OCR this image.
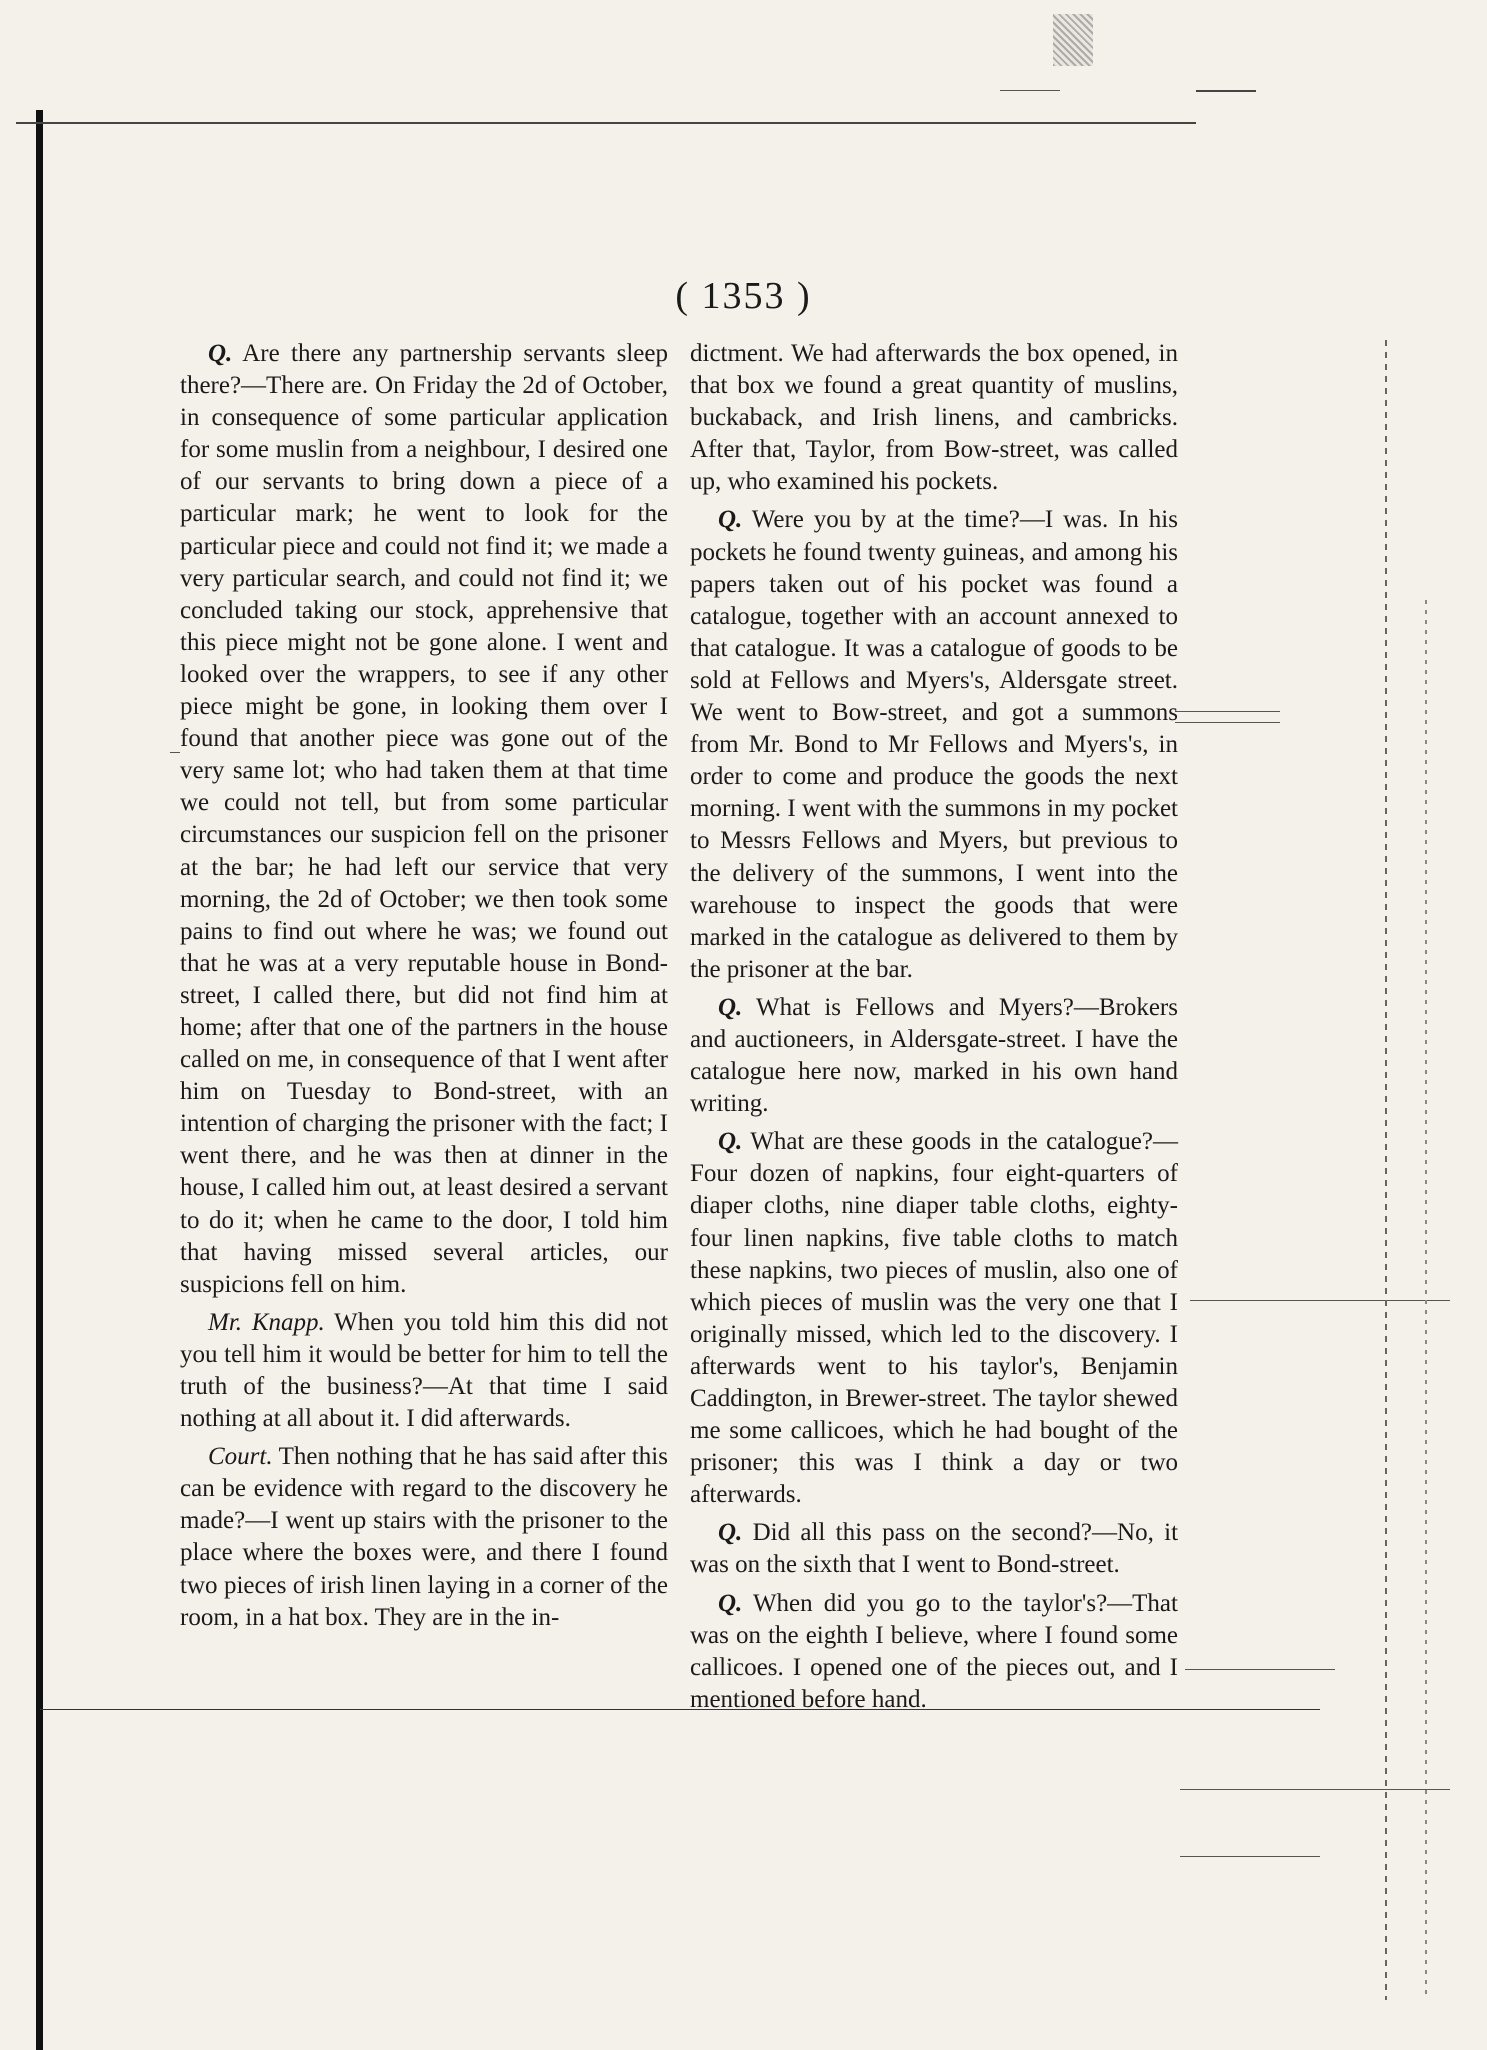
( 1353 )

Q. Are there any partnership servants sleep there?—There are. On Friday the 2d of October, in consequence of some particular application for some muslin from a neighbour, I desired one of our servants to bring down a piece of a particular mark; he went to look for the particular piece and could not find it; we made a very particular search, and could not find it; we concluded taking our stock, apprehensive that this piece might not be gone alone. I went and looked over the wrappers, to see if any other piece might be gone, in looking them over I found that another piece was gone out of the very same lot; who had taken them at that time we could not tell, but from some particular circumstances our suspicion fell on the prisoner at the bar; he had left our service that very morning, the 2d of October; we then took some pains to find out where he was; we found out that he was at a very reputable house in Bond-street, I called there, but did not find him at home; after that one of the partners in the house called on me, in consequence of that I went after him on Tuesday to Bond-street, with an intention of charging the prisoner with the fact; I went there, and he was then at dinner in the house, I called him out, at least desired a servant to do it; when he came to the door, I told him that having missed several articles, our suspicions fell on him.

Mr. Knapp. When you told him this did not you tell him it would be better for him to tell the truth of the business?—At that time I said nothing at all about it. I did afterwards.

Court. Then nothing that he has said after this can be evidence with regard to the discovery he made?—I went up stairs with the prisoner to the place where the boxes were, and there I found two pieces of irish linen laying in a corner of the room, in a hat box. They are in the in-

dictment. We had afterwards the box opened, in that box we found a great quantity of muslins, buckaback, and Irish linens, and cambricks. After that, Taylor, from Bow-street, was called up, who examined his pockets.

Q. Were you by at the time?—I was. In his pockets he found twenty guineas, and among his papers taken out of his pocket was found a catalogue, together with an account annexed to that catalogue. It was a catalogue of goods to be sold at Fellows and Myers's, Aldersgate street. We went to Bow-street, and got a summons from Mr. Bond to Mr Fellows and Myers's, in order to come and produce the goods the next morning. I went with the summons in my pocket to Messrs Fellows and Myers, but previous to the delivery of the summons, I went into the warehouse to inspect the goods that were marked in the catalogue as delivered to them by the prisoner at the bar.

Q. What is Fellows and Myers?—Brokers and auctioneers, in Aldersgate-street. I have the catalogue here now, marked in his own hand writing.

Q. What are these goods in the catalogue?—Four dozen of napkins, four eight-quarters of diaper cloths, nine diaper table cloths, eighty-four linen napkins, five table cloths to match these napkins, two pieces of muslin, also one of which pieces of muslin was the very one that I originally missed, which led to the discovery. I afterwards went to his taylor's, Benjamin Caddington, in Brewer-street. The taylor shewed me some callicoes, which he had bought of the prisoner; this was I think a day or two afterwards.

Q. Did all this pass on the second?—No, it was on the sixth that I went to Bond-street.

Q. When did you go to the taylor's?—That was on the eighth I believe, where I found some callicoes. I opened one of the pieces out, and I mentioned before hand.
